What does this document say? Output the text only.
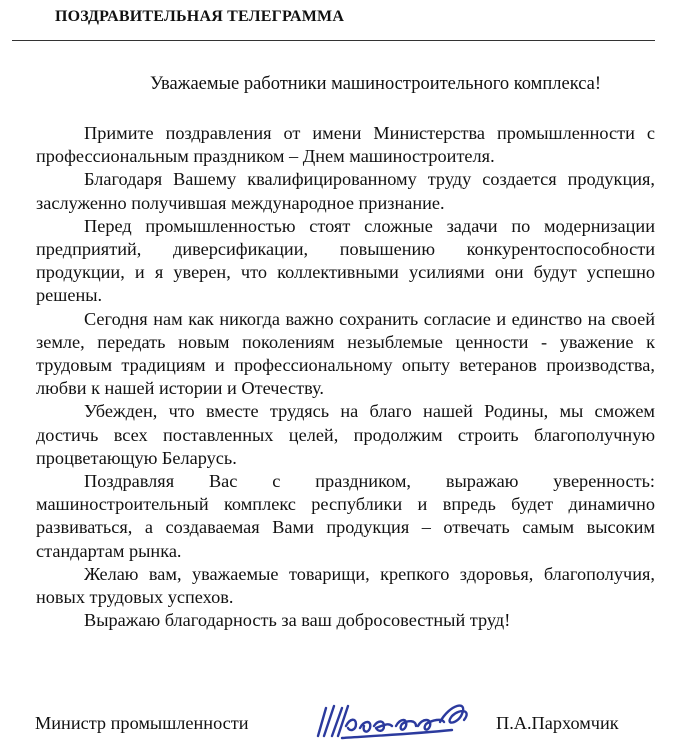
ПОЗДРАВИТЕЛЬНАЯ ТЕЛЕГРАММА
Уважаемые работники машиностроительного комплекса!

Примите поздравления от имени Министерства промышленности с профессиональным праздником – Днем машиностроителя.

Благодаря Вашему квалифицированному труду создается продукция, заслуженно получившая международное признание.

Перед промышленностью стоят сложные задачи по модернизации предприятий, диверсификации, повышению конкурентоспособности продукции, и я уверен, что коллективными усилиями они будут успешно решены.

Сегодня нам как никогда важно сохранить согласие и единство на своей земле, передать новым поколениям незыблемые ценности - уважение к трудовым традициям и профессиональному опыту ветеранов производства, любви к нашей истории и Отечеству.

Убежден, что вместе трудясь на благо нашей Родины, мы сможем достичь всех поставленных целей, продолжим строить благополучную процветающую Беларусь.

Поздравляя Вас с праздником, выражаю уверенность: машиностроительный комплекс республики и впредь будет динамично развиваться, а создаваемая Вами продукция – отвечать самым высоким стандартам рынка.

Желаю вам, уважаемые товарищи, крепкого здоровья, благополучия, новых трудовых успехов.

Выражаю благодарность за ваш добросовестный труд!

Министр промышленности	П.А.Пархомчик
